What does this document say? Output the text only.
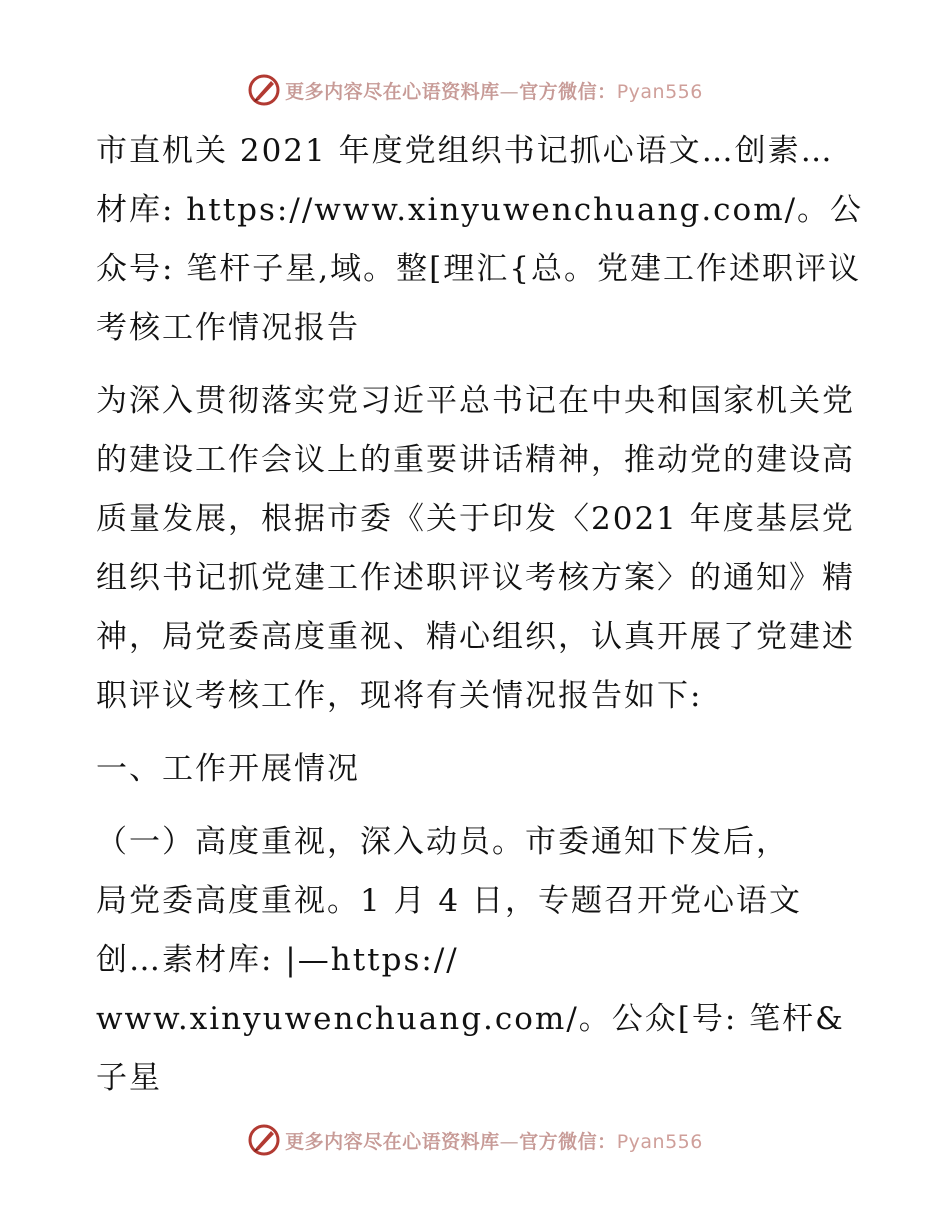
更多内容尽在心语资料库—官方微信：Pyan556

市直机关 2021 年度党组织书记抓心语文…创素…材库: https://www.xinyuwenchuang.com/。公众号: 笔杆子星,域。整[理汇{总。党建工作述职评议考核工作情况报告

为深入贯彻落实党习近平总书记在中央和国家机关党的建设工作会议上的重要讲话精神，推动党的建设高质量发展，根据市委《关于印发〈2021 年度基层党组织书记抓党建工作述职评议考核方案〉的通知》精神，局党委高度重视、精心组织，认真开展了党建述职评议考核工作，现将有关情况报告如下:

一、工作开展情况

（一）高度重视，深入动员。市委通知下发后，
局党委高度重视。1 月 4 日，专题召开党心语文
创…素材库: |—https://
www.xinyuwenchuang.com/。公众[号: 笔杆&子星
更多内容尽在心语资料库—官方微信：Pyan556
